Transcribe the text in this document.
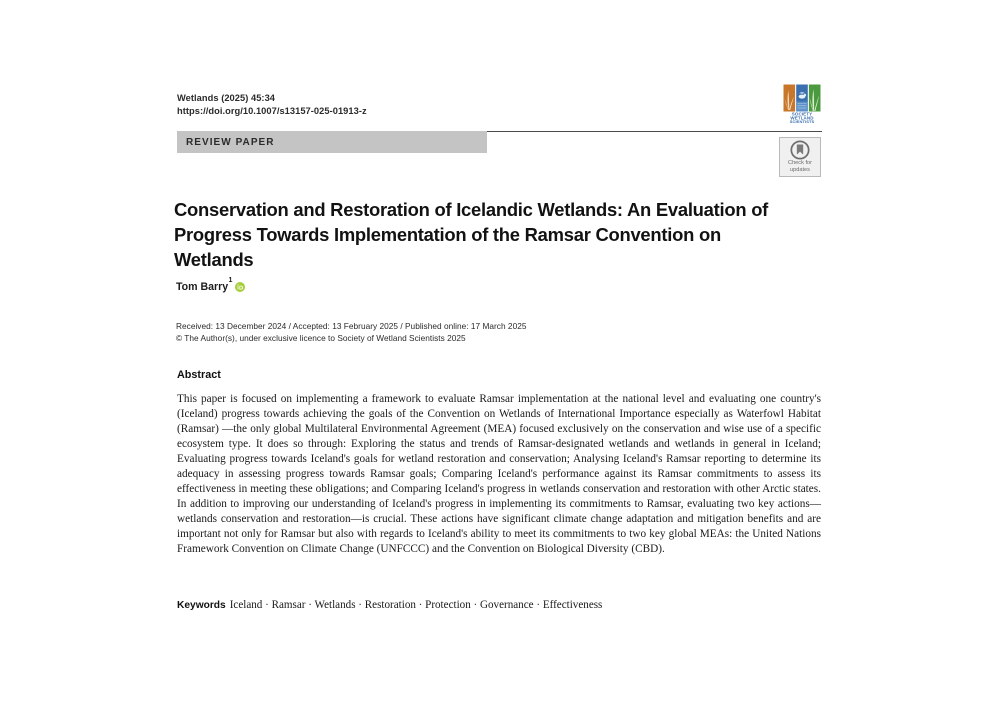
Wetlands (2025) 45:34
https://doi.org/10.1007/s13157-025-01913-z	SOCIETY
WETLAND
SCIENTISTS
REVIEW PAPER
Check for
updates
Conservation and Restoration of Icelandic Wetlands: An Evaluation of Progress Towards Implementation of the Ramsar Convention on Wetlands
Tom Barry$^1$
Received: 13 December 2024 / Accepted: 13 February 2025 / Published online: 17 March 2025
© The Author(s), under exclusive licence to Society of Wetland Scientists 2025
Abstract

This paper is focused on implementing a framework to evaluate Ramsar implementation at the national level and evaluating one country's (Iceland) progress towards achieving the goals of the Convention on Wetlands of International Importance especially as Waterfowl Habitat (Ramsar) —the only global Multilateral Environmental Agreement (MEA) focused exclusively on the conservation and wise use of a specific ecosystem type. It does so through: Exploring the status and trends of Ramsar-designated wetlands and wetlands in general in Iceland; Evaluating progress towards Iceland's goals for wetland restoration and conservation; Analysing Iceland's Ramsar reporting to determine its adequacy in assessing progress towards Ramsar goals; Comparing Iceland's performance against its Ramsar commitments to assess its effectiveness in meeting these obligations; and Comparing Iceland's progress in wetlands conservation and restoration with other Arctic states. In addition to improving our understanding of Iceland's progress in implementing its commitments to Ramsar, evaluating two key actions—wetlands conservation and restoration—is crucial. These actions have significant climate change adaptation and mitigation benefits and are important not only for Ramsar but also with regards to Iceland's ability to meet its commitments to two key global MEAs: the United Nations Framework Convention on Climate Change (UNFCCC) and the Convention on Biological Diversity (CBD).

Keywords Iceland · Ramsar · Wetlands · Restoration · Protection · Governance · Effectiveness
